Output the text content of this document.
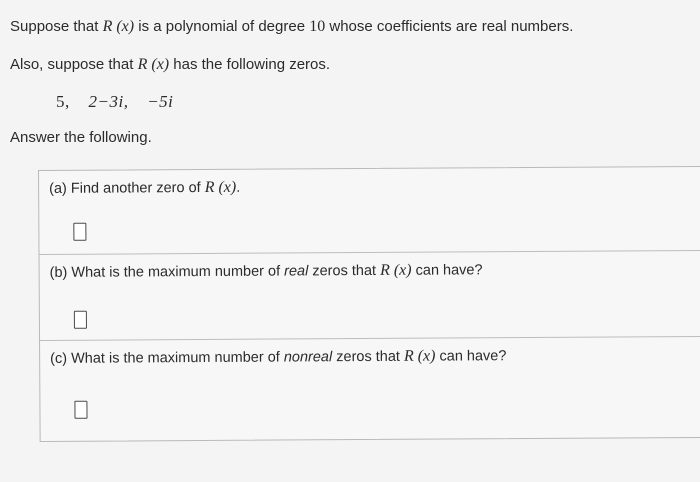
Suppose that R (x) is a polynomial of degree 10 whose coefficients are real numbers.
Also, suppose that R (x) has the following zeros.
5, 2−3i, −5i
Answer the following.
(a) Find another zero of R (x).
(b) What is the maximum number of real zeros that R (x) can have?
(c) What is the maximum number of nonreal zeros that R (x) can have?
